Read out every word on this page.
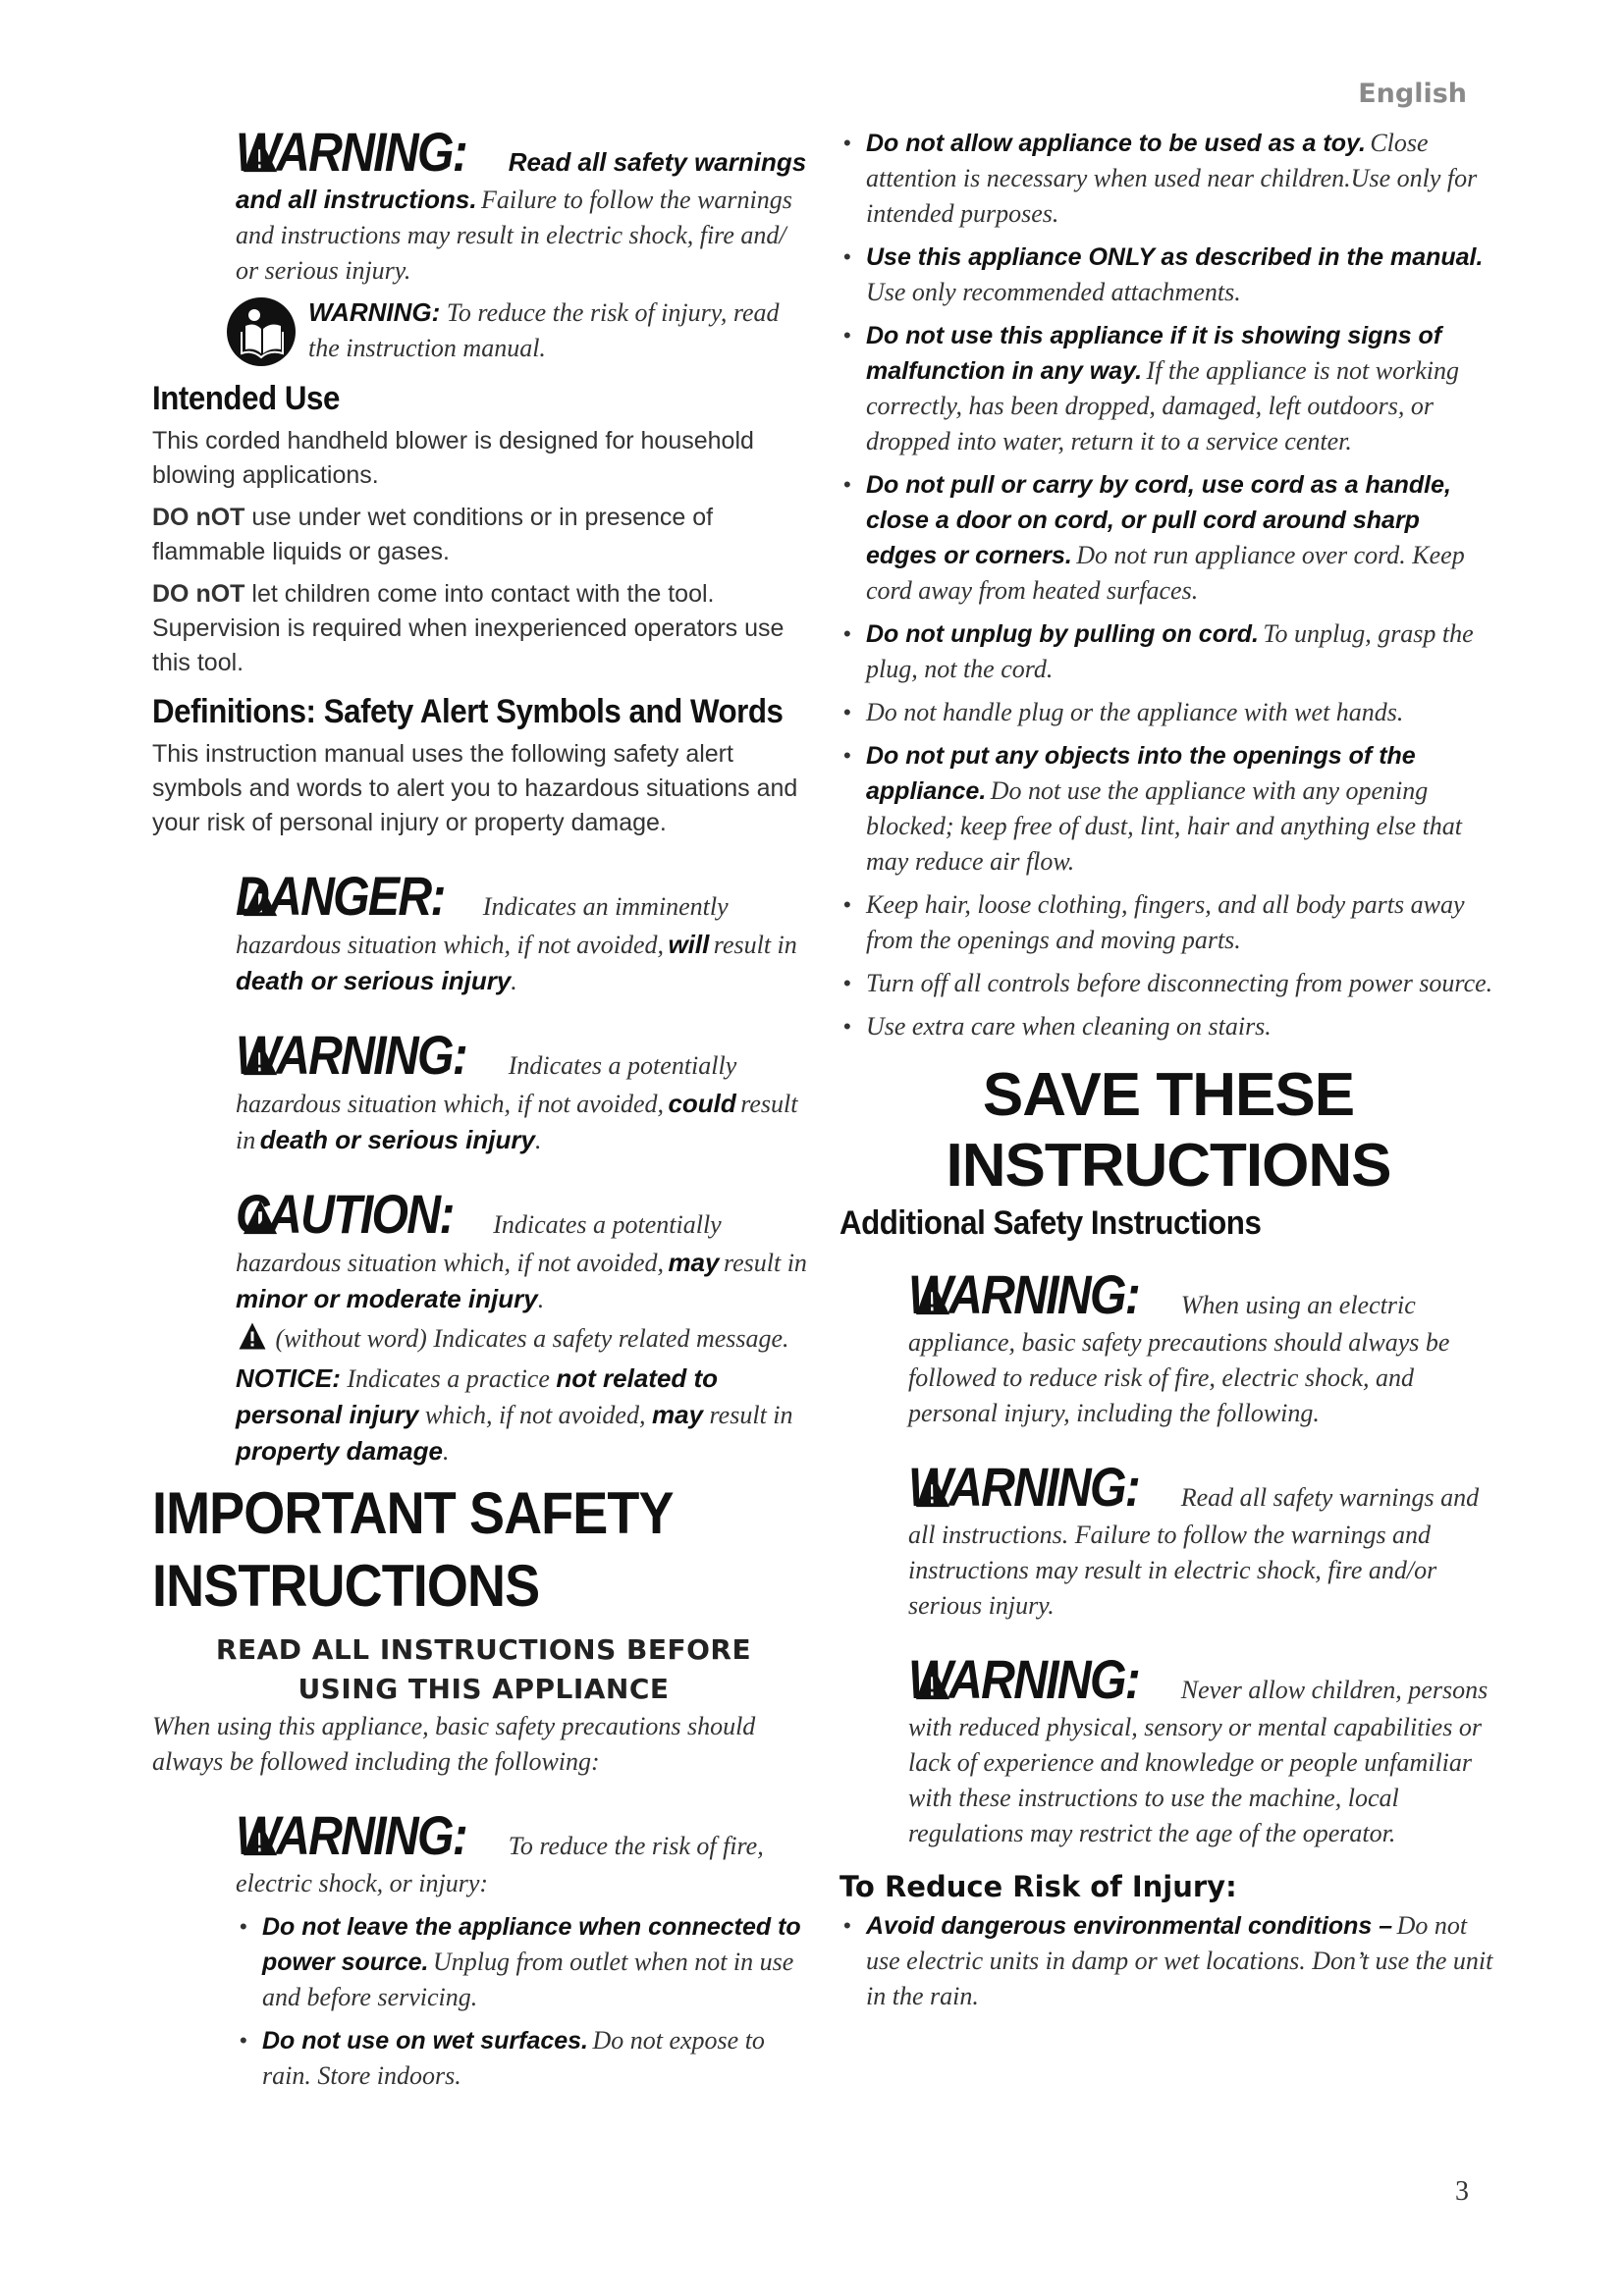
English
WARNING: Read all safety warnings and all instructions. Failure to follow the warnings and instructions may result in electric shock, fire and/ or serious injury.

WARNING: To reduce the risk of injury, read the instruction manual.

Intended Use

This corded handheld blower is designed for household blowing applications.

DO nOT use under wet conditions or in presence of flammable liquids or gases.

DO nOT let children come into contact with the tool. Supervision is required when inexperienced operators use this tool.

Definitions: Safety Alert Symbols and Words

This instruction manual uses the following safety alert symbols and words to alert you to hazardous situations and your risk of personal injury or property damage.

DANGER: Indicates an imminently hazardous situation which, if not avoided, will result in death or serious injury.
WARNING: Indicates a potentially hazardous situation which, if not avoided, could result in death or serious injury.
CAUTION: Indicates a potentially hazardous situation which, if not avoided, may result in minor or moderate injury.

(without word) Indicates a safety related message.

NOTICE: Indicates a practice not related to personal injury which, if not avoided, may result in property damage.

IMPORTANT SAFETY
INSTRUCTIONS
READ ALL INSTRUCTIONS BEFORE
USING THIS APPLIANCE

When using this appliance, basic safety precautions should always be followed including the following:

WARNING: To reduce the risk of fire, electric shock, or injury:
• Do not leave the appliance when connected to power source. Unplug from outlet when not in use and before servicing.
• Do not use on wet surfaces. Do not expose to rain. Store indoors.
• Do not allow appliance to be used as a toy. Close attention is necessary when used near children.Use only for intended purposes.
• Use this appliance ONLY as described in the manual. Use only recommended attachments.
• Do not use this appliance if it is showing signs of malfunction in any way. If the appliance is not working correctly, has been dropped, damaged, left outdoors, or dropped into water, return it to a service center.
• Do not pull or carry by cord, use cord as a handle, close a door on cord, or pull cord around sharp edges or corners. Do not run appliance over cord. Keep cord away from heated surfaces.
• Do not unplug by pulling on cord. To unplug, grasp the plug, not the cord.
• Do not handle plug or the appliance with wet hands.
• Do not put any objects into the openings of the appliance. Do not use the appliance with any opening blocked; keep free of dust, lint, hair and anything else that may reduce air flow.
• Keep hair, loose clothing, fingers, and all body parts away from the openings and moving parts.
• Turn off all controls before disconnecting from power source.
• Use extra care when cleaning on stairs.
SAVE THESE
INSTRUCTIONS
Additional Safety Instructions
WARNING: When using an electric appliance, basic safety precautions should always be followed to reduce risk of fire, electric shock, and personal injury, including the following.
WARNING: Read all safety warnings and all instructions. Failure to follow the warnings and instructions may result in electric shock, fire and/or serious injury.
WARNING: Never allow children, persons with reduced physical, sensory or mental capabilities or lack of experience and knowledge or people unfamiliar with these instructions to use the machine, local regulations may restrict the age of the operator.
To Reduce Risk of Injury:
• Avoid dangerous environmental conditions – Do not use electric units in damp or wet locations. Don’t use the unit in the rain.
3
